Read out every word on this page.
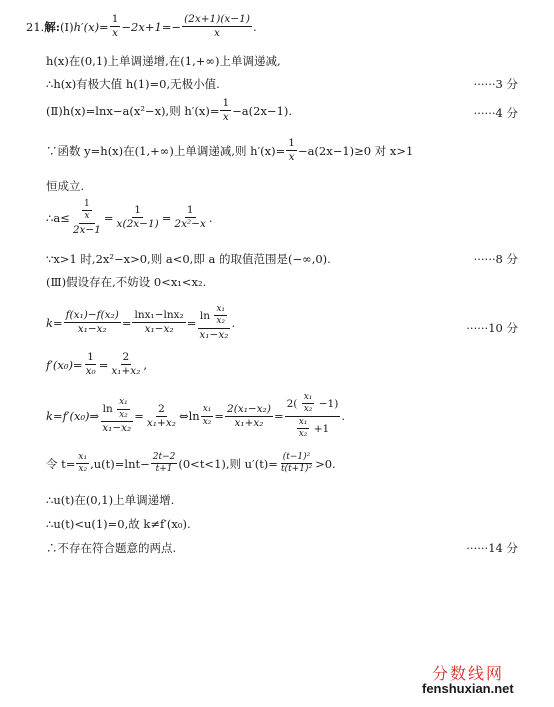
21. 解: (Ⅰ) $h'(x)= \frac{1}{x} -2x+1=- \frac{(2x+1)(x-1)}{x}$ .
h(x)在(0,1)上单调递增,在(1,+∞)上单调递减,
∴h(x)有极大值 h(1)=0,无极小值.	······3 分
(Ⅱ)h(x)=lnx−a(x²−x),则 $h'(x)= \frac{1}{x} -a(2x-1)$.	······4 分
∵函数 y=h(x)在(1,+∞)上单调递减,则 $h'(x)= \frac{1}{x} -a(2x-1)\ge 0$ 对 x>1
恒成立.
∴a≤ $\frac{\frac{1}{x}}{2x-1} = \frac{1}{x(2x-1)} = \frac{1}{\text{2x²−x}}$ .
∵x>1 时,2x²−x>0,则 a<0,即 a 的取值范围是(−∞,0).	······8 分
(Ⅲ)假设存在,不妨设 0<x₁<x₂.
$k= \frac{\text{f(x₁)−f(x₂)}}{\text{x₁−x₂}} = \frac{\text{lnx₁−lnx₂}}{\text{x₁−x₂}} = \frac{\ln \frac{\text{x₁}}{\text{x₂}}}{\text{x₁−x₂}}$ .	······10 分
$f'(x_0)= \frac{1}{\text{x₀}} = \frac{2}{\text{x₁+x₂}}$ ,
k=f′(x₀)⇒ $\frac{\ln \frac{\text{x₁}}{\text{x₂}}}{\text{x₁−x₂}} = \frac{2}{\text{x₁+x₂}}$ ⇔ln $\frac{\text{x₁}}{\text{x₂}} = \frac{\text{2(x₁−x₂)}}{\text{x₁+x₂}} = \frac{2( \frac{\text{x₁}}{\text{x₂}} -1)}{\frac{\text{x₁}}{\text{x₂}} +1}$ .
令 $t= \frac{\text{x₁}}{\text{x₂}} ,u(t)=\ln t- \frac{2t-2}{t+1} (0<t<1)$,则 $u'(t)= \frac{\text{(t−1)²}}{\text{t(t+1)²}} >0$.
∴u(t)在(0,1)上单调递增.
∴u(t)<u(1)=0,故 k≠f′(x₀).
∴不存在符合题意的两点.	······14 分
分数线网
fenshuxian.net
